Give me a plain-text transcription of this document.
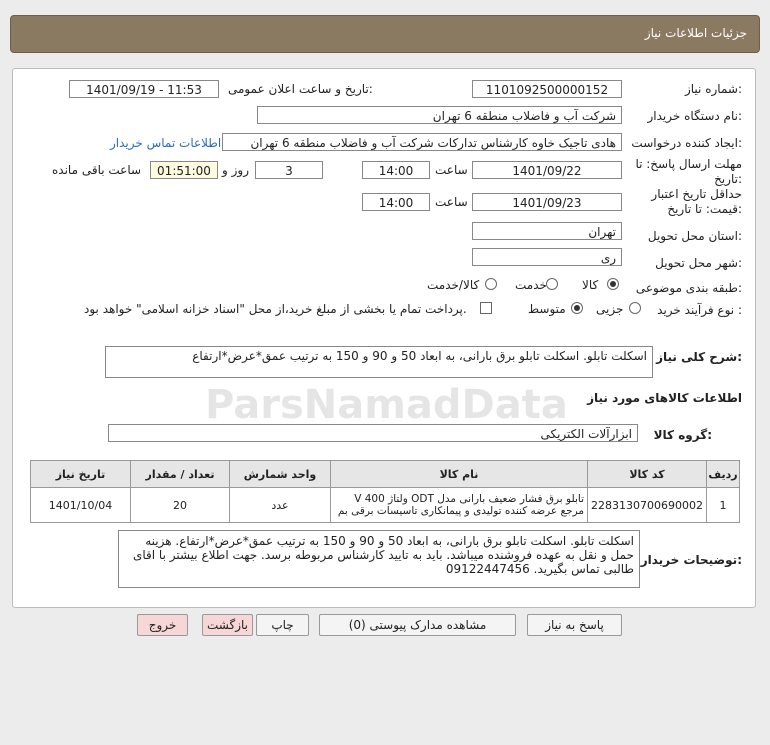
جزئیات اطلاعات نیاز
شماره نیاز:
1101092500000152
تاریخ و ساعت اعلان عمومی:
1401/09/19 - 11:53
نام دستگاه خریدار:
شرکت آب و فاضلاب منطقه 6 تهران
ایجاد کننده درخواست:
هادی تاجیک خاوه کارشناس تدارکات شرکت آب و فاضلاب منطقه 6 تهران
اطلاعات تماس خریدار
مهلت ارسال پاسخ: تا
تاریخ:
1401/09/22
ساعت
14:00
3
روز و
01:51:00
ساعت باقی مانده
حداقل تاریخ اعتبار
قیمت: تا تاریخ:
1401/09/23
ساعت
14:00
استان محل تحویل:
تهران
شهر محل تحویل:
ری
طبقه بندی موضوعی:
کالا
خدمت
کالا/خدمت
نوع فرآیند خرید :
جزیی
متوسط
پرداخت تمام یا بخشی از مبلغ خرید،از محل "اسناد خزانه اسلامی" خواهد بود.
شرح کلی نیاز:
اسکلت تابلو. اسکلت تابلو برق بارانی، به ابعاد 50 و 90 و 150 به ترتیب عمق*عرض*ارتفاع
اطلاعات کالاهای مورد نیاز
گروه کالا:
ابزارآلات الکتریکی
تاریخ نیاز	تعداد / مقدار	واحد شمارش	نام کالا	کد کالا	ردیف
1401/10/04	20	عدد	تابلو برق فشار ضعیف بارانی مدل ODT ولتاژ V 400 مرجع عرضه کننده تولیدی و پیمانکاری تاسیسات برقی بم	2283130700690002	1
توضیحات خریدار:
اسکلت تابلو. اسکلت تابلو برق بارانی، به ابعاد 50 و 90 و 150 به ترتیب عمق*عرض*ارتفاع. هزینه حمل و نقل به عهده فروشنده میباشد. باید به تایید کارشناس مربوطه برسد. جهت اطلاع بیشتر با اقای طالبی تماس بگیرید. 09122447456
پاسخ به نیاز
مشاهده مدارک پیوستی (0)
چاپ
بازگشت
خروج
